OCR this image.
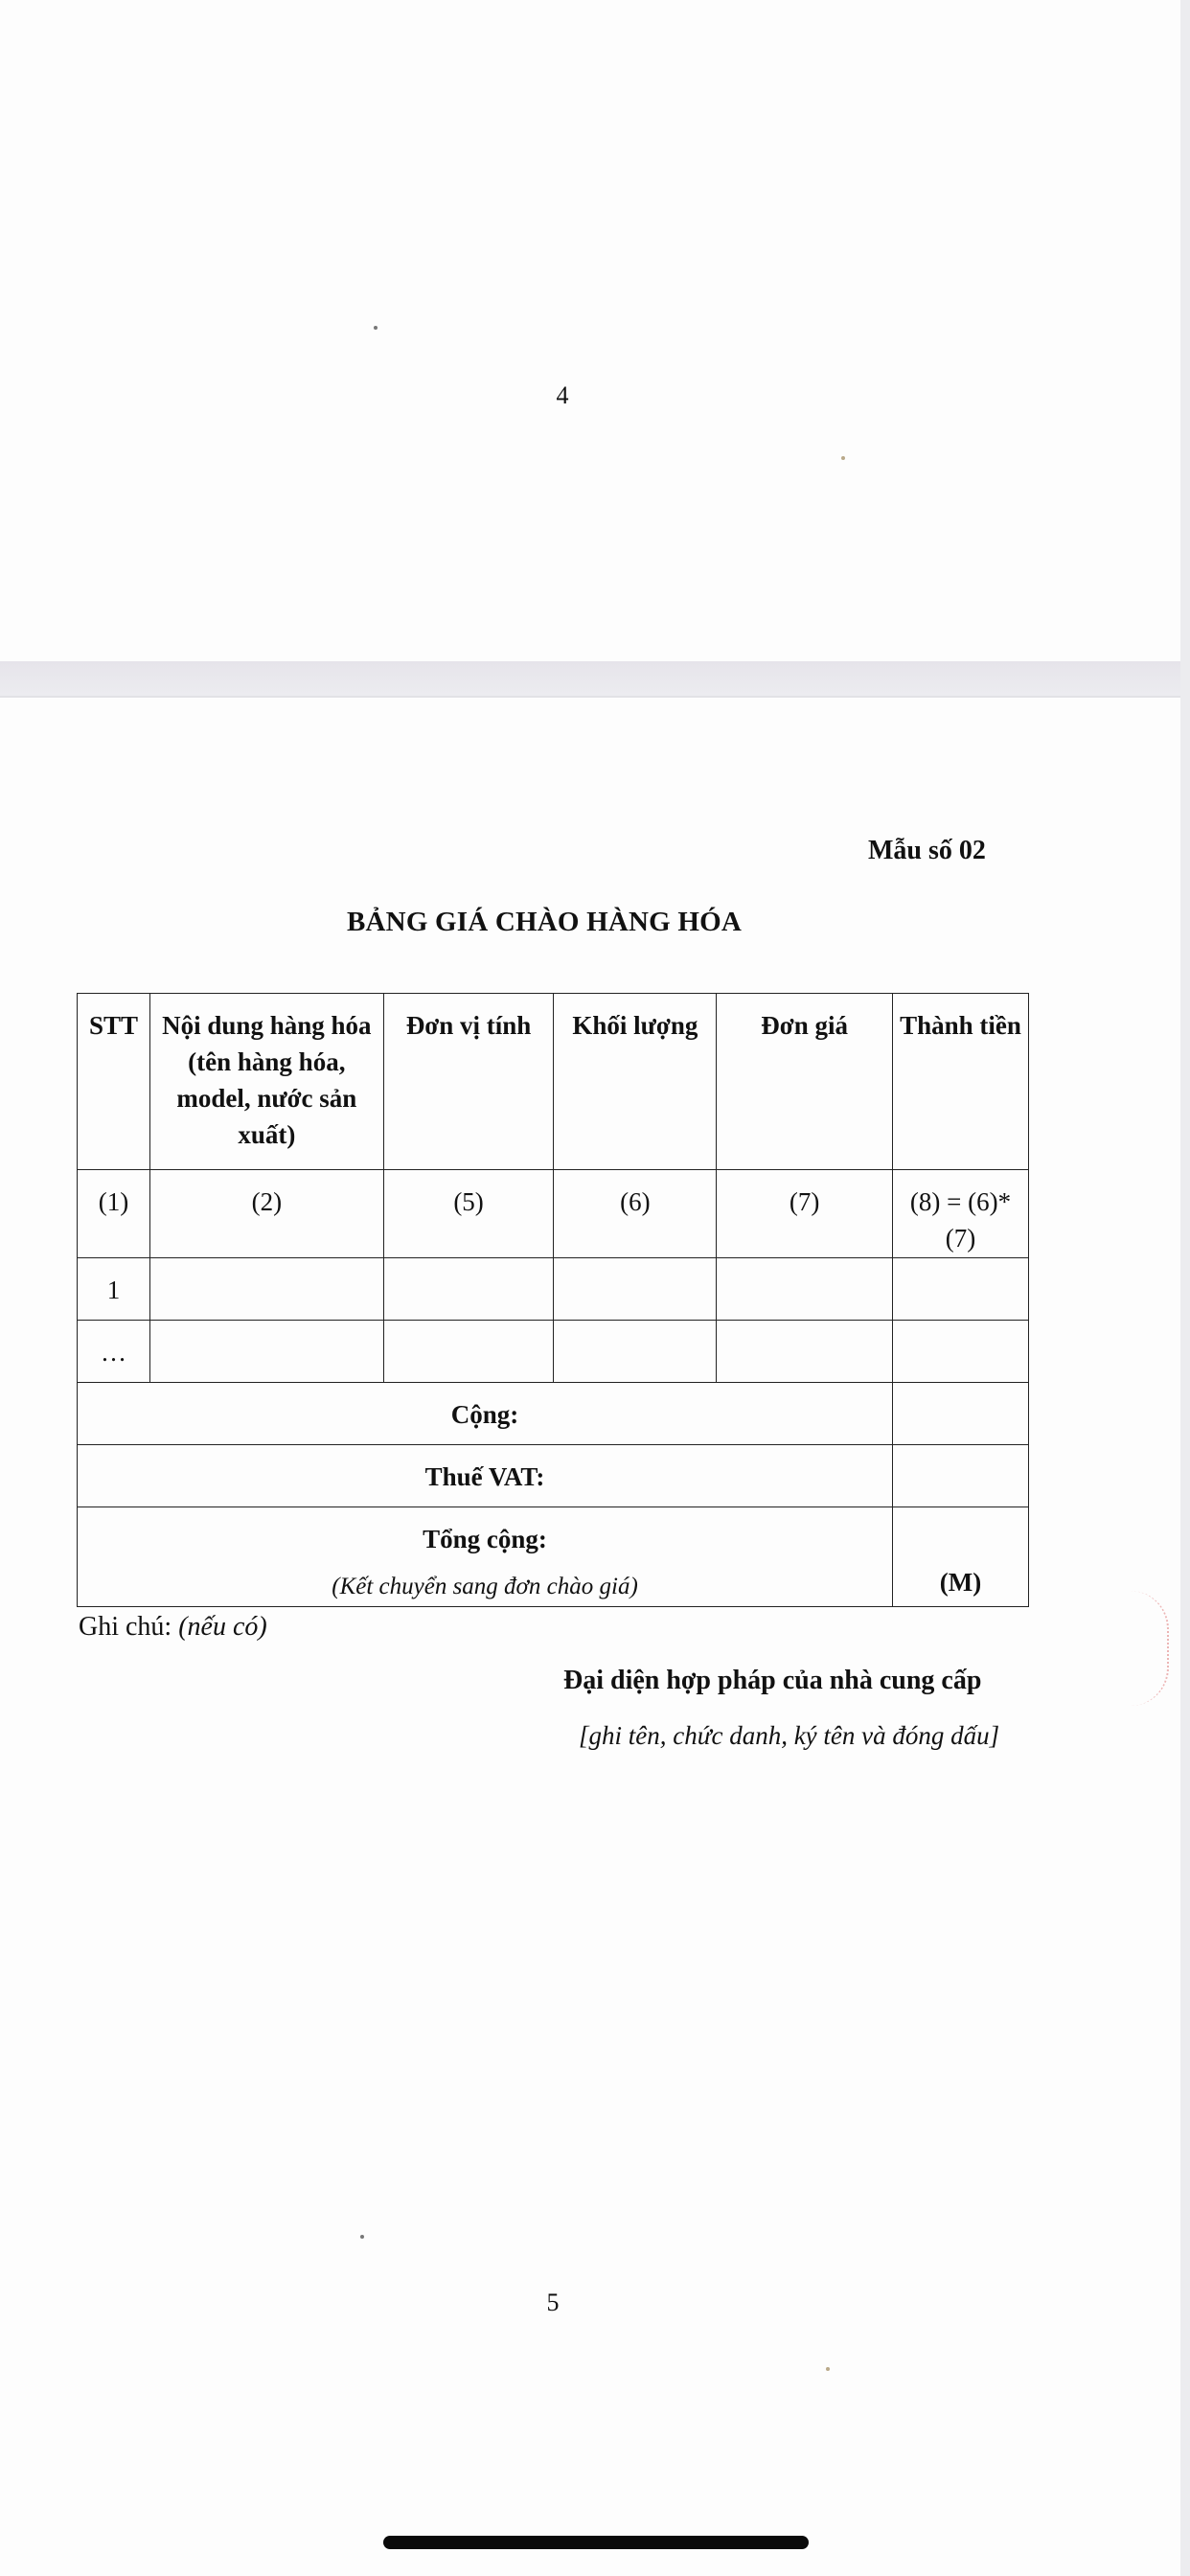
4
Mẫu số 02
BẢNG GIÁ CHÀO HÀNG HÓA
STT	Nội dung hàng hóa (tên hàng hóa, model, nước sản xuất)	Đơn vị tính	Khối lượng	Đơn giá	Thành tiền
(1)	(2)	(5)	(6)	(7)	(8) = (6)*(7)
1					
…					
Cộng:					
Thuế VAT:					
Tổng cộng:
(Kết chuyển sang đơn chào giá)					(M)
Ghi chú: (nếu có)
Đại diện hợp pháp của nhà cung cấp
[ghi tên, chức danh, ký tên và đóng dấu]
5
